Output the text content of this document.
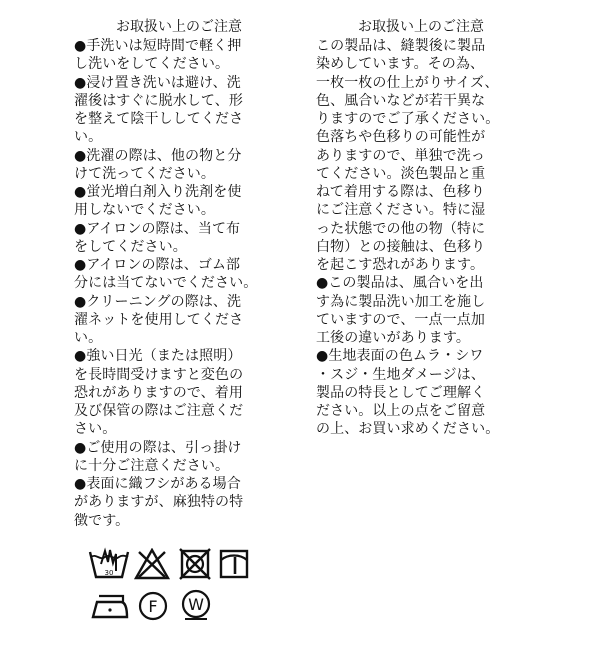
お取扱い上のご注意
●手洗いは短時間で軽く押
し洗いをしてください。
●浸け置き洗いは避け、洗
濯後はすぐに脱水して、形
を整えて陰干ししてくださ
い。
●洗濯の際は、他の物と分
けて洗ってください。
●蛍光増白剤入り洗剤を使
用しないでください。
●アイロンの際は、当て布
をしてください。
●アイロンの際は、ゴム部
分には当てないでください。
●クリーニングの際は、洗
濯ネットを使用してくださ
い。
●強い日光（または照明）
を長時間受けますと変色の
恐れがありますので、着用
及び保管の際はご注意くだ
さい。
●ご使用の際は、引っ掛け
に十分ご注意ください。
●表面に織フシがある場合
がありますが、麻独特の特
徴です。
お取扱い上のご注意
この製品は、縫製後に製品
染めしています。その為、
一枚一枚の仕上がりサイズ、
色、風合いなどが若干異な
りますのでご了承ください。
色落ちや色移りの可能性が
ありますので、単独で洗っ
てください。淡色製品と重
ねて着用する際は、色移り
にご注意ください。特に湿
った状態での他の物（特に
白物）との接触は、色移り
を起こす恐れがあります。
●この製品は、風合いを出
す為に製品洗い加工を施し
ていますので、一点一点加
工後の違いがあります。
●生地表面の色ムラ・シワ
・スジ・生地ダメージは、
製品の特長としてご理解く
ださい。以上の点をご留意
の上、お買い求めください。
30
F W
